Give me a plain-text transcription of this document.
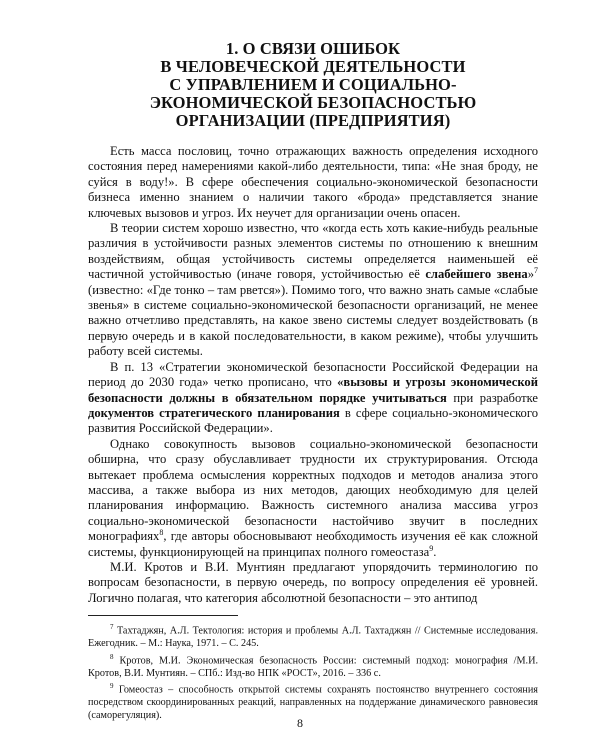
1. О СВЯЗИ ОШИБОК
В ЧЕЛОВЕЧЕСКОЙ ДЕЯТЕЛЬНОСТИ
С УПРАВЛЕНИЕМ И СОЦИАЛЬНО-
ЭКОНОМИЧЕСКОЙ БЕЗОПАСНОСТЬЮ
ОРГАНИЗАЦИИ (ПРЕДПРИЯТИЯ)

Есть масса пословиц, точно отражающих важность определения исходного состояния перед намерениями какой-либо деятельности, типа: «Не зная броду, не суйся в воду!». В сфере обеспечения социально-экономической безопасности бизнеса именно знанием о наличии такого «брода» представляется знание ключевых вызовов и угроз. Их неучет для организации очень опасен.

В теории систем хорошо известно, что «когда есть хоть какие-нибудь реальные различия в устойчивости разных элементов системы по отношению к внешним воздействиям, общая устойчивость системы определяется наименьшей её частичной устойчивостью (иначе говоря, устойчивостью её слабейшего звена»$^7$ (известно: «Где тонко – там рвется»). Помимо того, что важно знать самые «слабые звенья» в системе социально-экономической безопасности организаций, не менее важно отчетливо представлять, на какое звено системы следует воздействовать (в первую очередь и в какой последовательности, в каком режиме), чтобы улучшить работу всей системы.

В п. 13 «Стратегии экономической безопасности Российской Федерации на период до 2030 года» четко прописано, что «вызовы и угрозы экономической безопасности должны в обязательном порядке учитываться при разработке документов стратегического планирования в сфере социально-экономического развития Российской Федерации».

Однако совокупность вызовов социально-экономической безопасности обширна, что сразу обуславливает трудности их структурирования. Отсюда вытекает проблема осмысления корректных подходов и методов анализа этого массива, а также выбора из них методов, дающих необходимую для целей планирования информацию. Важность системного анализа массива угроз социально-экономической безопасности настойчиво звучит в последних монографиях$^8$, где авторы обосновывают необходимость изучения её как сложной системы, функционирующей на принципах полного гомеостаза$^9$.

М.И. Кротов и В.И. Мунтиян предлагают упорядочить терминологию по вопросам безопасности, в первую очередь, по вопросу определения её уровней. Логично полагая, что категория абсолютной безопасности – это антипод

$^7$ Тахтаджян, А.Л. Тектология: история и проблемы А.Л. Тахтаджян // Системные исследования. Ежегодник. – М.: Наука, 1971. – С. 245.

$^8$ Кротов, М.И. Экономическая безопасность России: системный подход: монография /М.И. Кротов, В.И. Мунтиян. – СПб.: Изд-во НПК «РОСТ», 2016. – 336 с.

$^9$ Гомеостаз – способность открытой системы сохранять постоянство внутреннего состояния посредством скоординированных реакций, направленных на поддержание динамического равновесия (саморегуляция).

8
